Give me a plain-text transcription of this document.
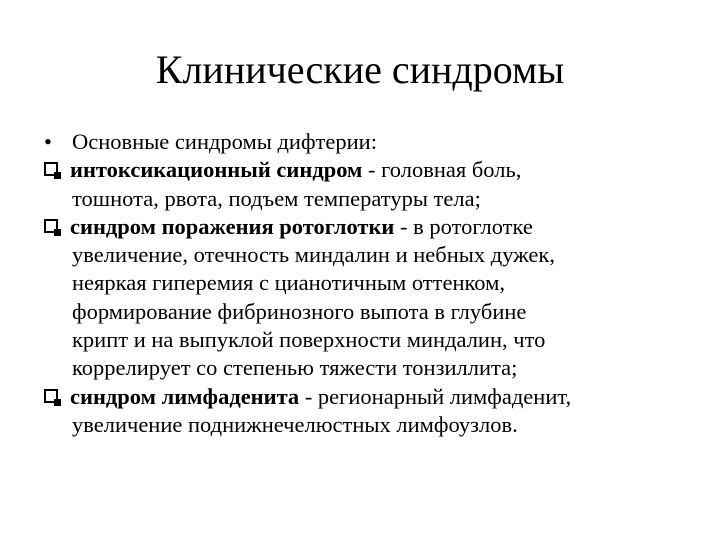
Клинические синдромы
• Основные синдромы дифтерии:
интоксикационный синдром - головная боль,
тошнота, рвота, подъем температуры тела;
синдром поражения ротоглотки - в ротоглотке
увеличение, отечность миндалин и небных дужек,
неяркая гиперемия с цианотичным оттенком,
формирование фибринозного выпота в глубине
крипт и на выпуклой поверхности миндалин, что
коррелирует со степенью тяжести тонзиллита;
синдром лимфаденита - регионарный лимфаденит,
увеличение поднижнечелюстных лимфоузлов.
